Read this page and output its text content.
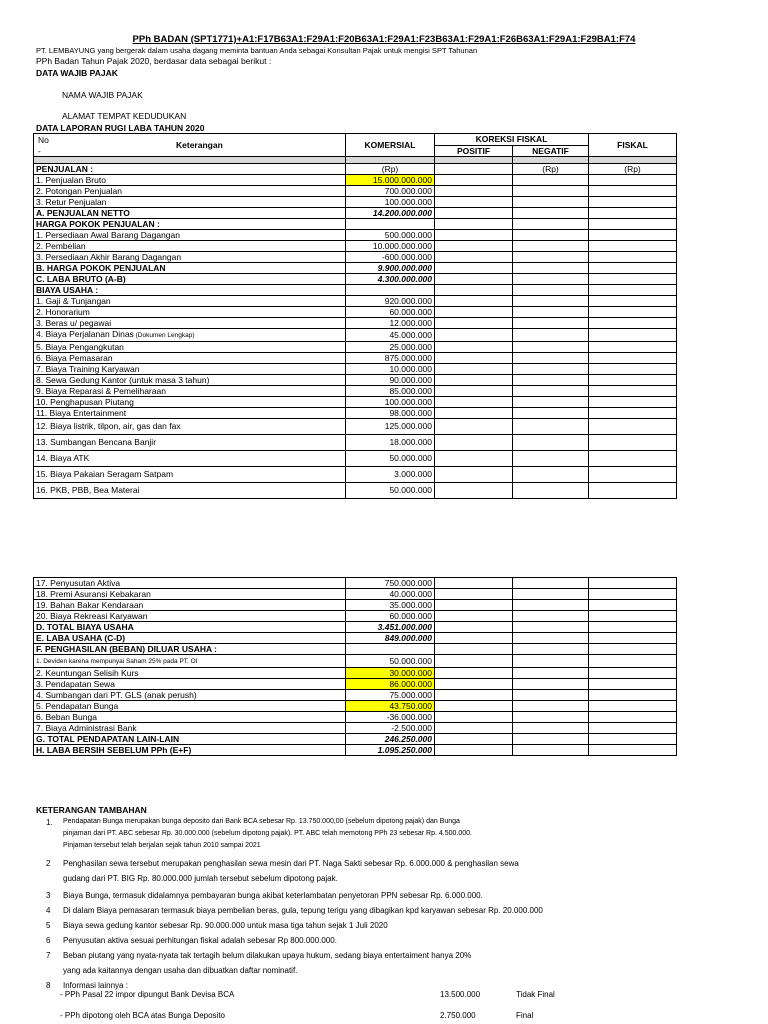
PPh BADAN (SPT1771)+A1:F17B63A1:F29A1:F20B63A1:F29A1:F23B63A1:F29A1:F26B63A1:F29A1:F29BA1:F74
PT. LEMBAYUNG yang bergerak dalam usaha dagang meminta bantuan Anda sebagai Konsultan Pajak untuk mengisi SPT Tahunan
PPh Badan Tahun Pajak 2020, berdasar data sebagai berikut :
DATA WAJIB PAJAK
NAMA WAJIB PAJAK
ALAMAT TEMPAT KEDUDUKAN
DATA LAPORAN RUGI LABA TAHUN 2020
No
-
Keterangan	KOMERSIAL	KOREKSI FISKAL		FISKAL
		POSITIF	NEGATIF	

PENJUALAN :	(Rp)		(Rp)	(Rp)
1. Penjualan Bruto	15.000.000.000			
2. Potongan Penjualan	700.000.000			
3. Retur Penjualan	100.000.000			
A. PENJUALAN NETTO	14.200.000.000			
HARGA POKOK PENJUALAN :				
1. Persediaan Awal Barang Dagangan	500.000.000			
2. Pembelian	10.000.000.000			
3. Persediaan Akhir Barang Dagangan	-600.000.000			
B. HARGA POKOK PENJUALAN	9.900.000.000			
C. LABA BRUTO (A-B)	4.300.000.000			
BIAYA USAHA :				
1. Gaji & Tunjangan	920.000.000			
2. Honorarium	60.000.000			
3. Beras u/ pegawai	12.000.000			
4. Biaya Perjalanan Dinas (Dokumen Lengkap)	45.000.000			
5. Biaya Pengangkutan	25.000.000			
6. Biaya Pemasaran	875.000.000			
7. Biaya Training Karyawan	10.000.000			
8. Sewa Gedung Kantor (untuk masa 3 tahun)	90.000.000			
9. Biaya Reparasi & Pemeliharaan	85.000.000			
10. Penghapusan Piutang	100.000.000			
11. Biaya Entertainment	98.000.000			
12. Biaya listrik, tilpon, air, gas dan fax	125.000.000			
13. Sumbangan Bencana Banjir	18.000.000			
14. Biaya ATK	50.000.000			
15. Biaya Pakaian Seragam Satpam	3.000.000			
16. PKB, PBB, Bea Materai	50.000.000			
17. Penyusutan Aktiva	750.000.000			
18. Premi Asuransi Kebakaran	40.000.000			
19. Bahan Bakar Kendaraan	35.000.000			
20. Biaya Rekreasi Karyawan	60.000.000			
D. TOTAL BIAYA USAHA	3.451.000.000			
E. LABA USAHA (C-D)	849.000.000			
F. PENGHASILAN (BEBAN) DILUAR USAHA :				
1. Deviden karena mempunyai Saham 25% pada PT. OI	50.000.000			
2. Keuntungan Selisih Kurs	30.000.000			
3. Pendapatan Sewa	86.000.000			
4. Sumbangan dari PT. GLS (anak perush)	75.000.000			
5. Pendapatan Bunga	43.750.000			
6. Beban Bunga	-36.000.000			
7. Biaya Administrasi Bank	-2.500.000			
G. TOTAL PENDAPATAN LAIN-LAIN	246.250.000			
H. LABA BERSIH SEBELUM PPh (E+F)	1.095.250.000			
KETERANGAN TAMBAHAN
1. Pendapatan Bunga merupakan bunga deposito dari Bank BCA sebesar Rp. 13.750.000,00 (sebelum dipotong pajak) dan Bunga
pinjaman dari PT. ABC sebesar Rp. 30.000.000 (sebelum dipotong pajak). PT. ABC telah memotong PPh 23 sebesar Rp. 4.500.000.
Pinjaman tersebut telah berjalan sejak tahun 2010 sampai 2021
2 Penghasilan sewa tersebut merupakan penghasilan sewa mesin dari PT. Naga Sakti sebesar Rp. 6.000.000 & penghasilan sewa
gudang dari PT. BIG Rp. 80.000.000 jumlah tersebut sebelum dipotong pajak.
3 Biaya Bunga, termasuk didalamnya pembayaran bunga akibat keterlambatan penyetoran PPN sebesar Rp. 6.000.000.
4 Di dalam Biaya pemasaran termasuk biaya pembelian beras, gula, tepung terigu yang dibagikan kpd karyawan sebesar Rp. 20.000.000
5 Biaya sewa gedung kantor sebesar Rp. 90.000.000 untuk masa tiga tahun sejak 1 Juli 2020
6 Penyusutan aktiva sesuai perhitungan fiskal adalah sebesar Rp 800.000.000.
7 Beban piutang yang nyata-nyata tak tertagih belum dilakukan upaya hukum, sedang biaya entertaiment hanya 20%
yang ada kaitannya dengan usaha dan dibuatkan daftar nominatif.
8 Informasi lainnya :
- PPh Pasal 22 impor dipungut Bank Devisa BCA	13.500.000	Tidak Final
- PPh dipotong oleh BCA atas Bunga Deposito	2.750.000	Final
